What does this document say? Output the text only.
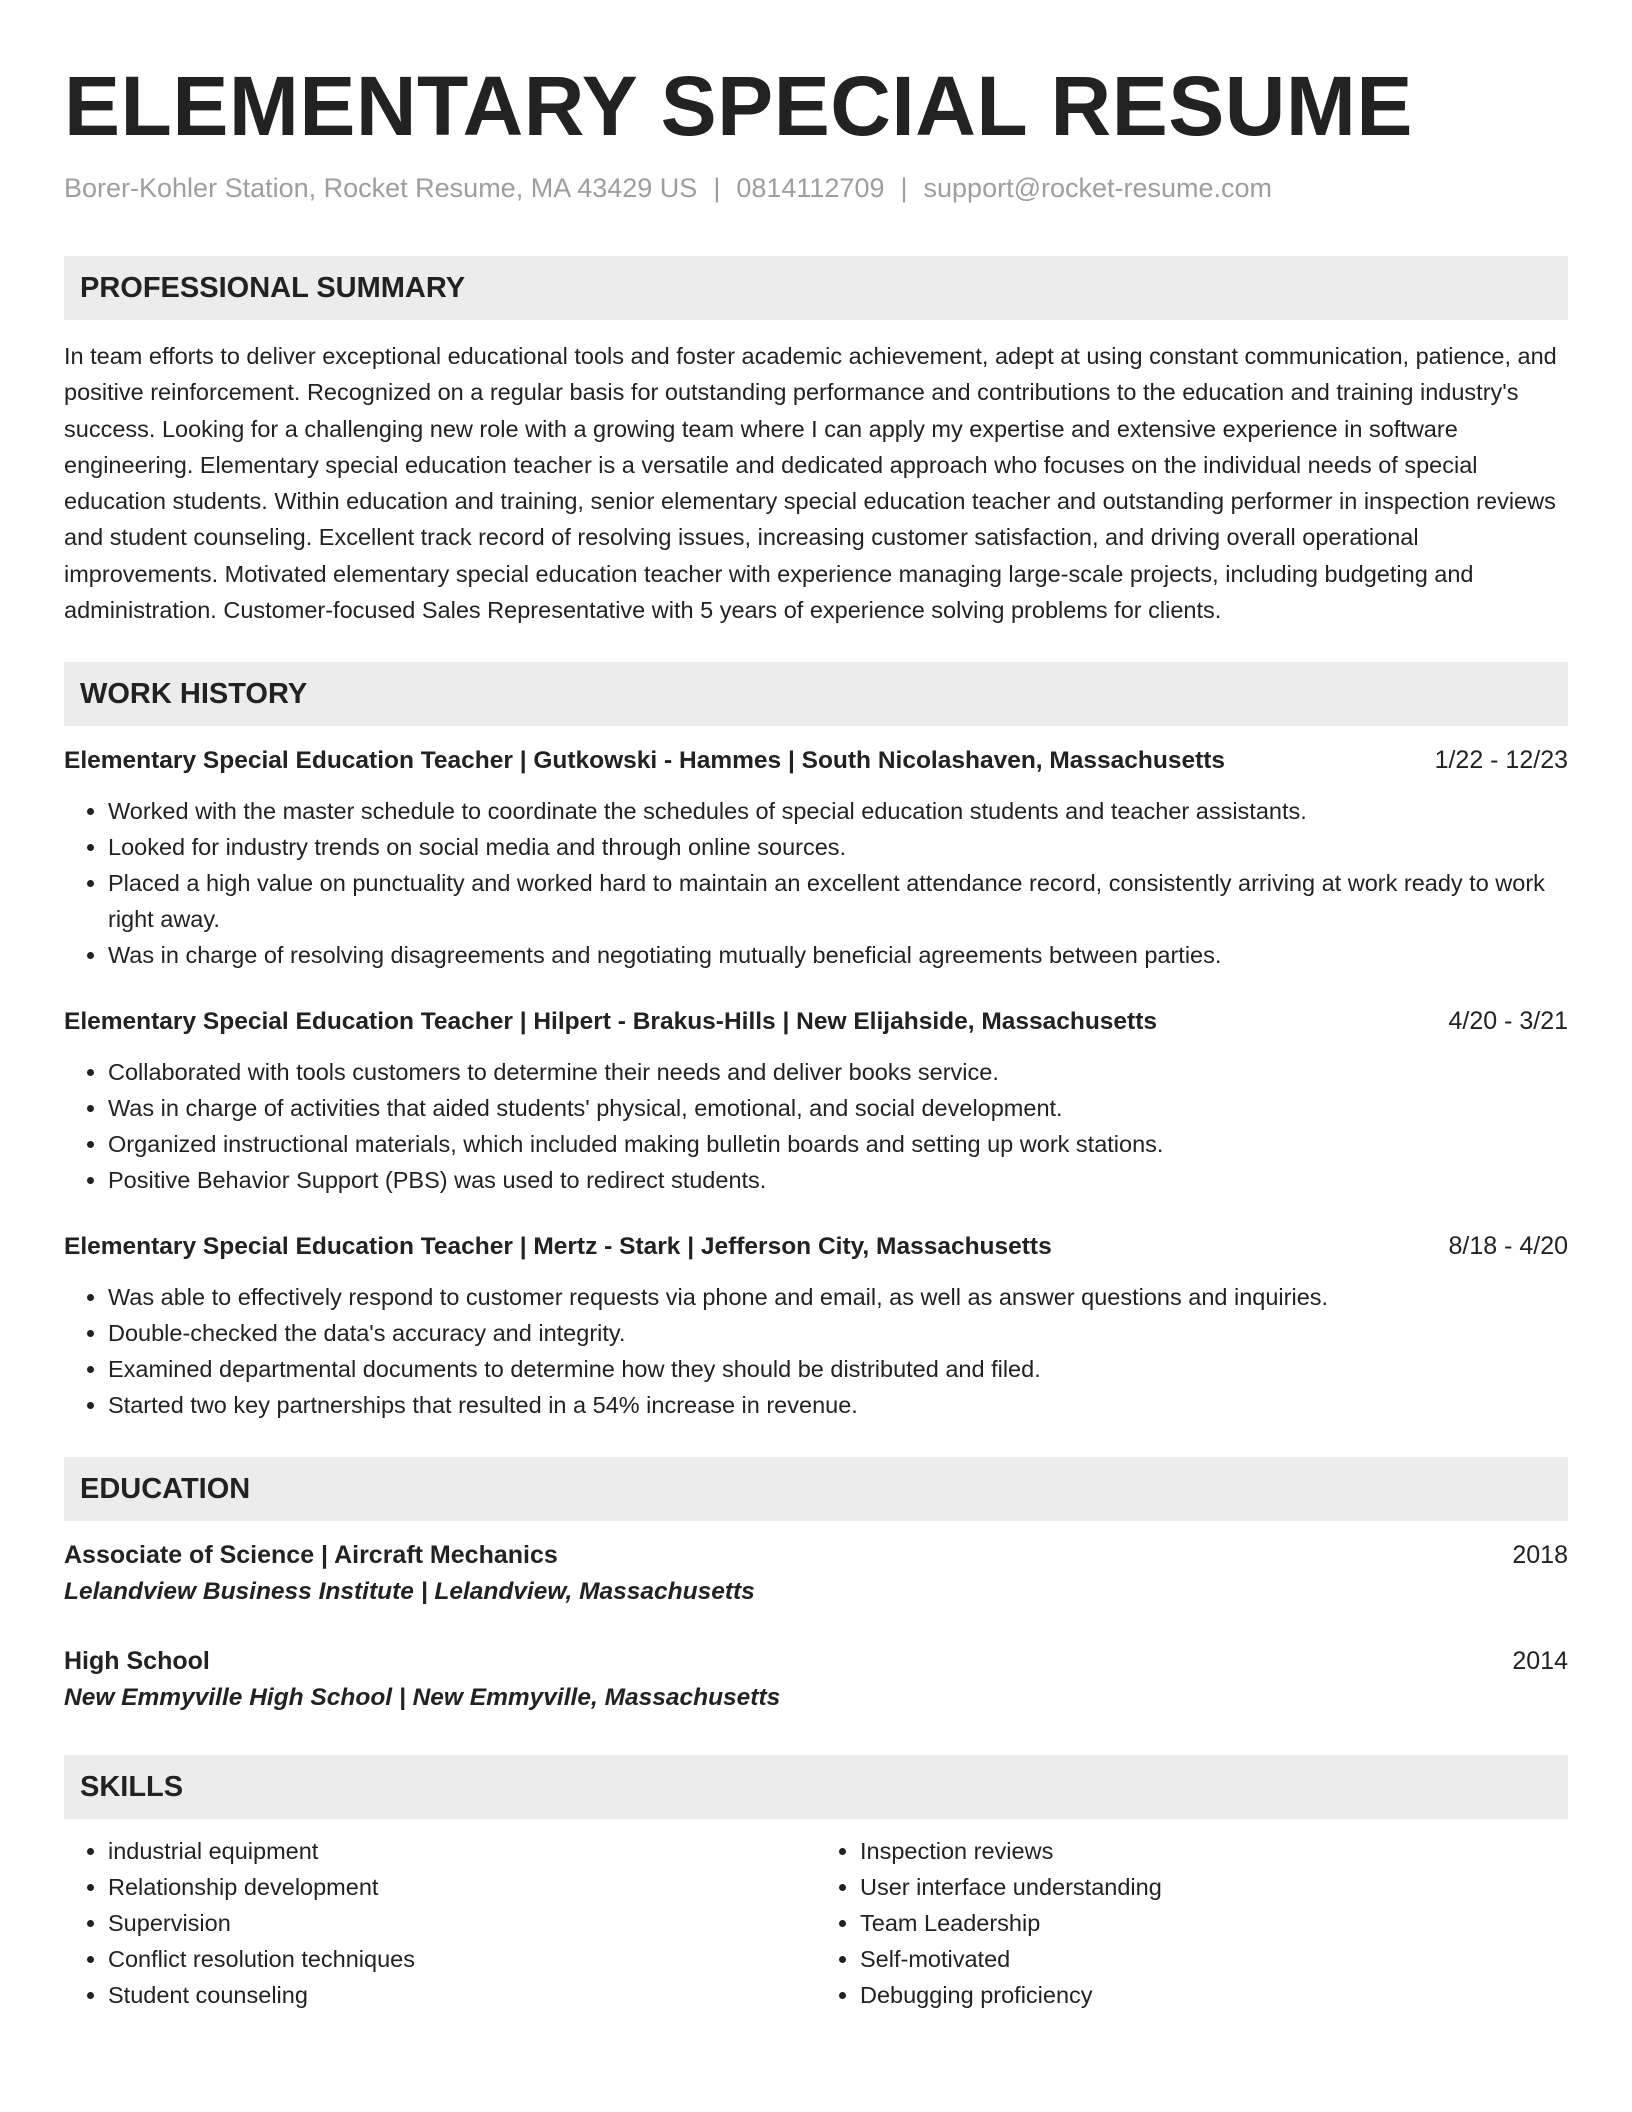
ELEMENTARY SPECIAL RESUME
Borer-Kohler Station, Rocket Resume, MA 43429 US | 0814112709 | support@rocket-resume.com
PROFESSIONAL SUMMARY
In team efforts to deliver exceptional educational tools and foster academic achievement, adept at using constant communication, patience, and positive reinforcement. Recognized on a regular basis for outstanding performance and contributions to the education and training industry's success. Looking for a challenging new role with a growing team where I can apply my expertise and extensive experience in software engineering. Elementary special education teacher is a versatile and dedicated approach who focuses on the individual needs of special education students. Within education and training, senior elementary special education teacher and outstanding performer in inspection reviews and student counseling. Excellent track record of resolving issues, increasing customer satisfaction, and driving overall operational improvements. Motivated elementary special education teacher with experience managing large-scale projects, including budgeting and administration. Customer-focused Sales Representative with 5 years of experience solving problems for clients.
WORK HISTORY
Elementary Special Education Teacher | Gutkowski - Hammes | South Nicolashaven, Massachusetts	1/22 - 12/23
• Worked with the master schedule to coordinate the schedules of special education students and teacher assistants.
• Looked for industry trends on social media and through online sources.
• Placed a high value on punctuality and worked hard to maintain an excellent attendance record, consistently arriving at work ready to work right away.
• Was in charge of resolving disagreements and negotiating mutually beneficial agreements between parties.
Elementary Special Education Teacher | Hilpert - Brakus-Hills | New Elijahside, Massachusetts	4/20 - 3/21
• Collaborated with tools customers to determine their needs and deliver books service.
• Was in charge of activities that aided students' physical, emotional, and social development.
• Organized instructional materials, which included making bulletin boards and setting up work stations.
• Positive Behavior Support (PBS) was used to redirect students.
Elementary Special Education Teacher | Mertz - Stark | Jefferson City, Massachusetts	8/18 - 4/20
• Was able to effectively respond to customer requests via phone and email, as well as answer questions and inquiries.
• Double-checked the data's accuracy and integrity.
• Examined departmental documents to determine how they should be distributed and filed.
• Started two key partnerships that resulted in a 54% increase in revenue.
EDUCATION
Associate of Science | Aircraft Mechanics	2018
Lelandview Business Institute | Lelandview, Massachusetts
High School	2014
New Emmyville High School | New Emmyville, Massachusetts
SKILLS
• industrial equipment
• Relationship development
• Supervision
• Conflict resolution techniques
• Student counseling
• Inspection reviews
• User interface understanding
• Team Leadership
• Self-motivated
• Debugging proficiency
